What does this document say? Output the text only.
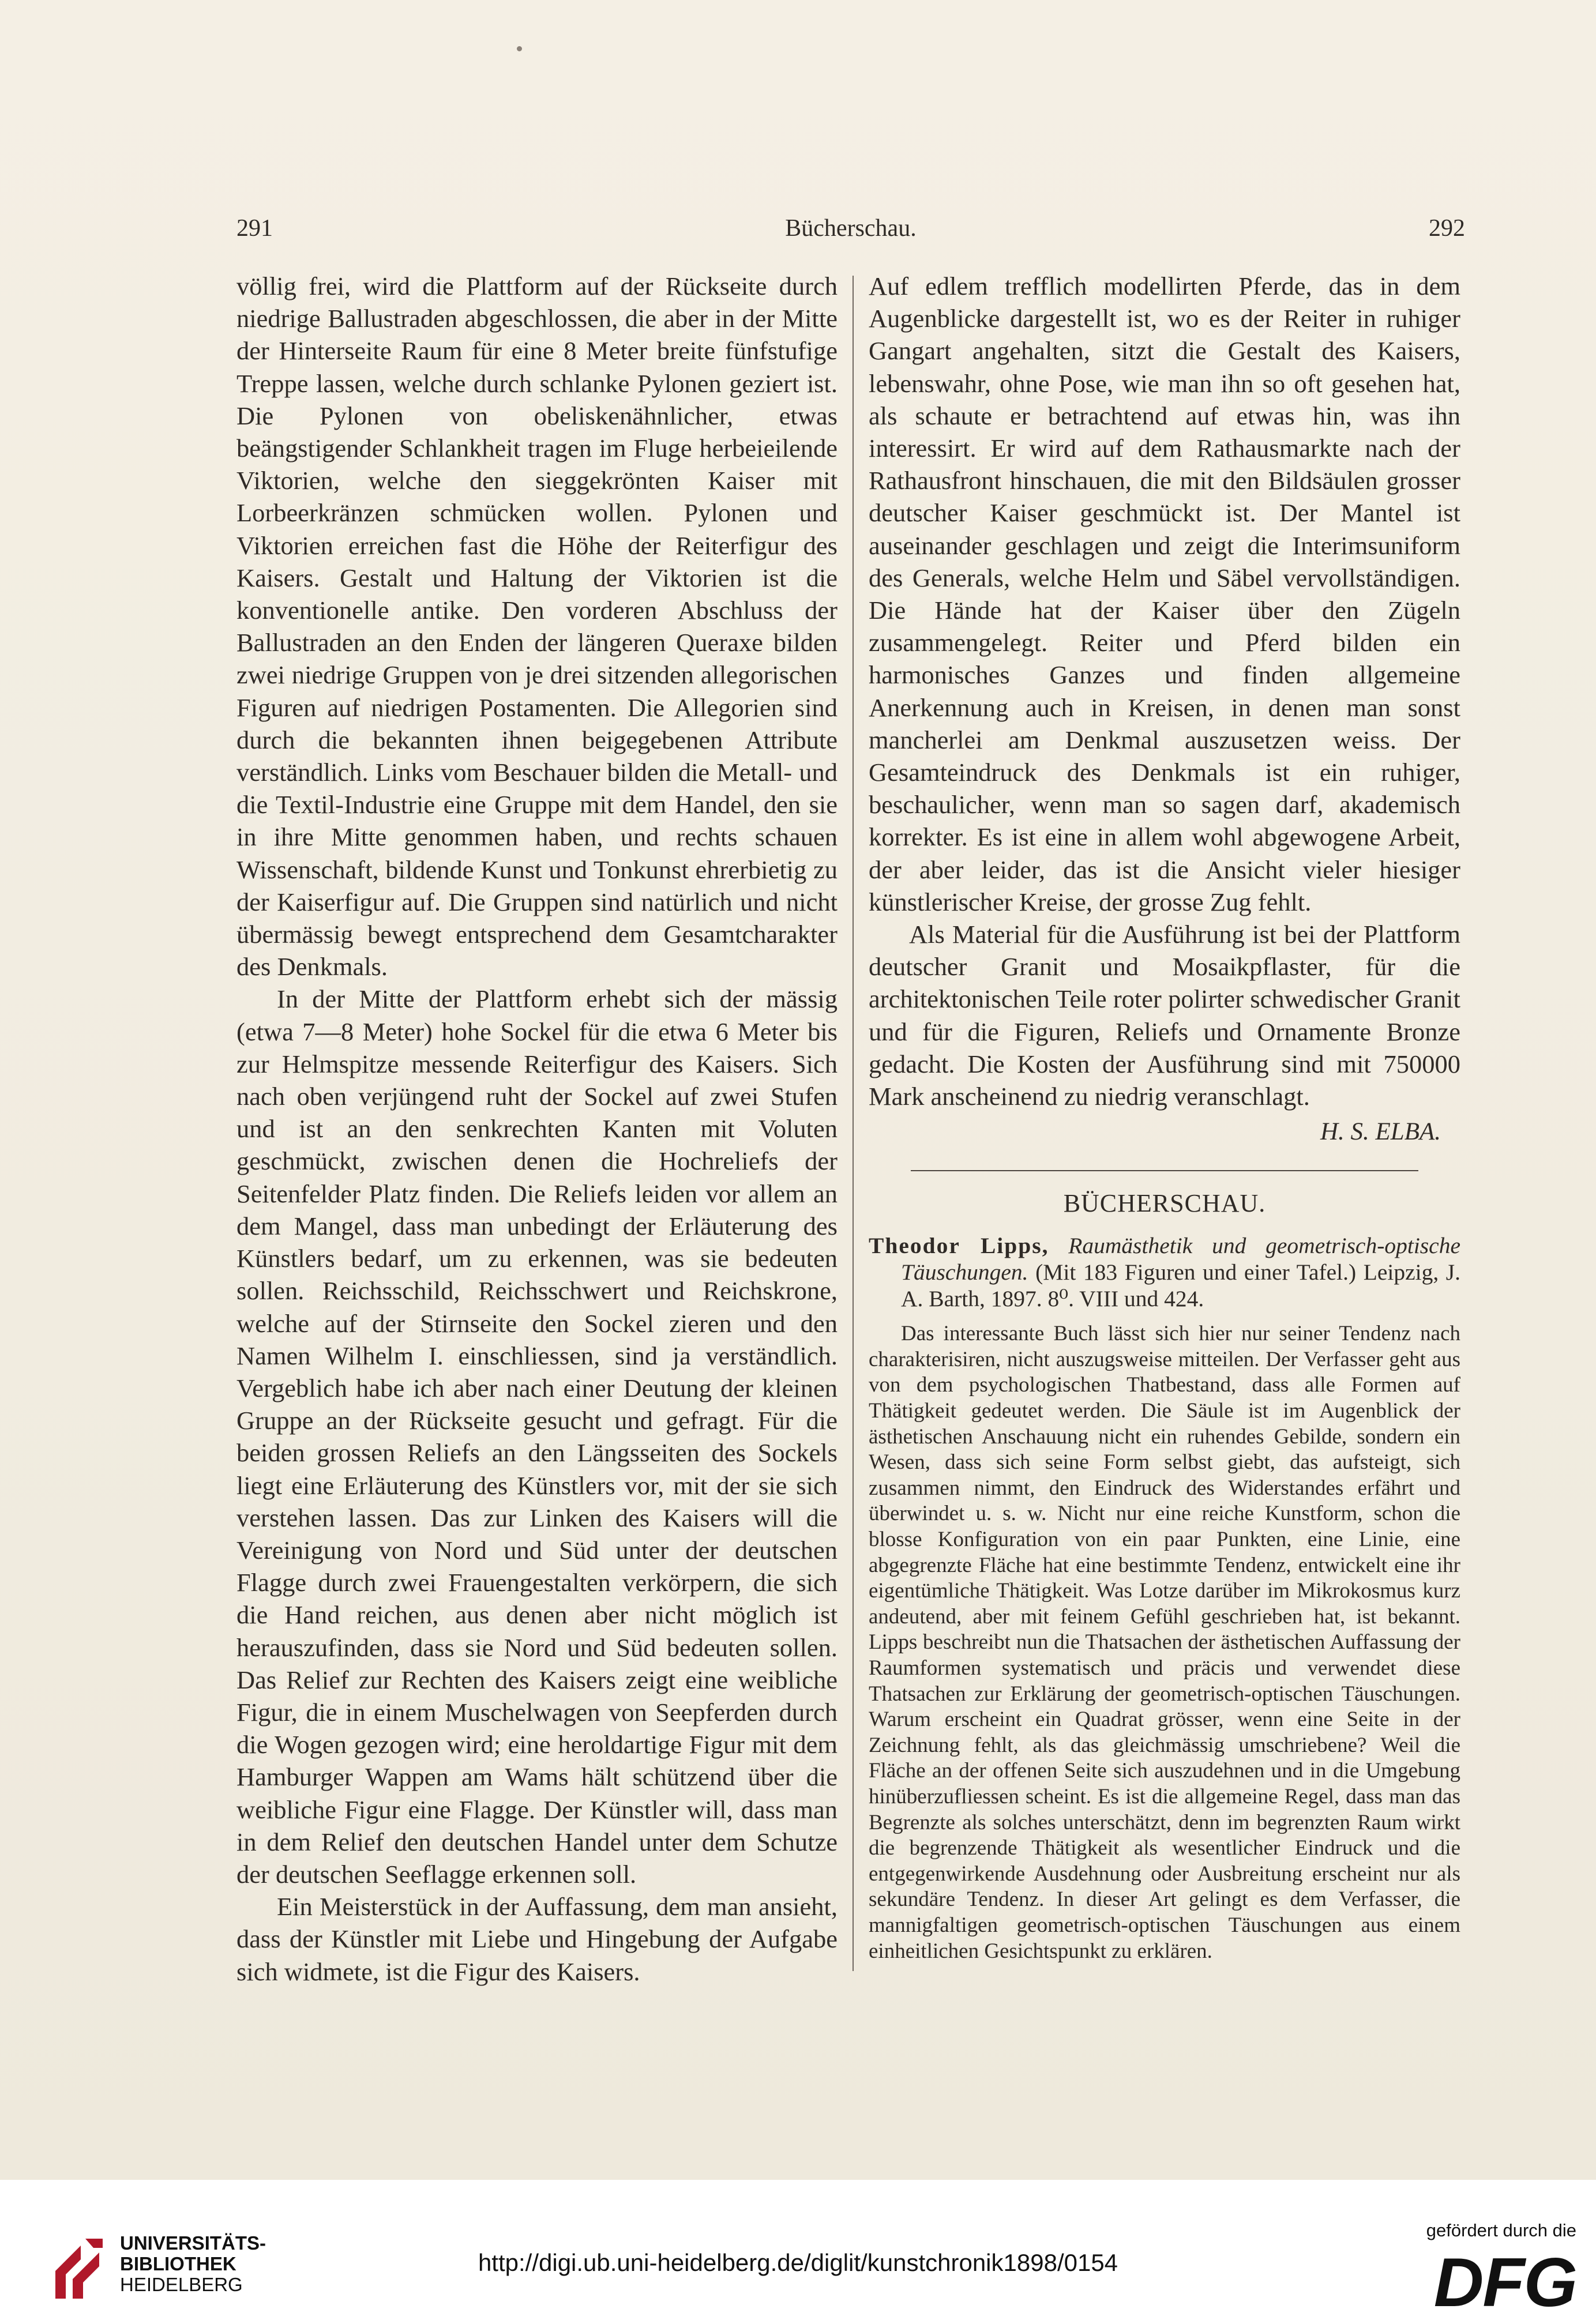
291	Bücherschau.	292

völlig frei, wird die Plattform auf der Rückseite durch niedrige Ballustraden abgeschlossen, die aber in der Mitte der Hinterseite Raum für eine 8 Meter breite fünfstufige Treppe lassen, welche durch schlanke Pylonen geziert ist. Die Pylonen von obeliskenähnlicher, etwas beängstigender Schlankheit tragen im Fluge herbeieilende Viktorien, welche den sieggekrönten Kaiser mit Lorbeerkränzen schmücken wollen. Pylonen und Viktorien erreichen fast die Höhe der Reiterfigur des Kaisers. Gestalt und Haltung der Viktorien ist die konventionelle antike. Den vorderen Abschluss der Ballustraden an den Enden der längeren Queraxe bilden zwei niedrige Gruppen von je drei sitzenden allegorischen Figuren auf niedrigen Postamenten. Die Allegorien sind durch die bekannten ihnen beigegebenen Attribute verständlich. Links vom Beschauer bilden die Metall- und die Textil-Industrie eine Gruppe mit dem Handel, den sie in ihre Mitte genommen haben, und rechts schauen Wissenschaft, bildende Kunst und Tonkunst ehrerbietig zu der Kaiserfigur auf. Die Gruppen sind natürlich und nicht übermässig bewegt entsprechend dem Gesamtcharakter des Denkmals.

In der Mitte der Plattform erhebt sich der mässig (etwa 7—8 Meter) hohe Sockel für die etwa 6 Meter bis zur Helmspitze messende Reiterfigur des Kaisers. Sich nach oben verjüngend ruht der Sockel auf zwei Stufen und ist an den senkrechten Kanten mit Voluten geschmückt, zwischen denen die Hochreliefs der Seitenfelder Platz finden. Die Reliefs leiden vor allem an dem Mangel, dass man unbedingt der Erläuterung des Künstlers bedarf, um zu erkennen, was sie bedeuten sollen. Reichsschild, Reichsschwert und Reichskrone, welche auf der Stirnseite den Sockel zieren und den Namen Wilhelm I. einschliessen, sind ja verständlich. Vergeblich habe ich aber nach einer Deutung der kleinen Gruppe an der Rückseite gesucht und gefragt. Für die beiden grossen Reliefs an den Längsseiten des Sockels liegt eine Erläuterung des Künstlers vor, mit der sie sich verstehen lassen. Das zur Linken des Kaisers will die Vereinigung von Nord und Süd unter der deutschen Flagge durch zwei Frauengestalten verkörpern, die sich die Hand reichen, aus denen aber nicht möglich ist herauszufinden, dass sie Nord und Süd bedeuten sollen. Das Relief zur Rechten des Kaisers zeigt eine weibliche Figur, die in einem Muschelwagen von Seepferden durch die Wogen gezogen wird; eine heroldartige Figur mit dem Hamburger Wappen am Wams hält schützend über die weibliche Figur eine Flagge. Der Künstler will, dass man in dem Relief den deutschen Handel unter dem Schutze der deutschen Seeflagge erkennen soll.

Ein Meisterstück in der Auffassung, dem man ansieht, dass der Künstler mit Liebe und Hingebung der Aufgabe sich widmete, ist die Figur des Kaisers.

Auf edlem trefflich modellirten Pferde, das in dem Augenblicke dargestellt ist, wo es der Reiter in ruhiger Gangart angehalten, sitzt die Gestalt des Kaisers, lebenswahr, ohne Pose, wie man ihn so oft gesehen hat, als schaute er betrachtend auf etwas hin, was ihn interessirt. Er wird auf dem Rathausmarkte nach der Rathausfront hinschauen, die mit den Bildsäulen grosser deutscher Kaiser geschmückt ist. Der Mantel ist auseinander geschlagen und zeigt die Interimsuniform des Generals, welche Helm und Säbel vervollständigen. Die Hände hat der Kaiser über den Zügeln zusammengelegt. Reiter und Pferd bilden ein harmonisches Ganzes und finden allgemeine Anerkennung auch in Kreisen, in denen man sonst mancherlei am Denkmal auszusetzen weiss. Der Gesamteindruck des Denkmals ist ein ruhiger, beschaulicher, wenn man so sagen darf, akademisch korrekter. Es ist eine in allem wohl abgewogene Arbeit, der aber leider, das ist die Ansicht vieler hiesiger künstlerischer Kreise, der grosse Zug fehlt.

Als Material für die Ausführung ist bei der Plattform deutscher Granit und Mosaikpflaster, für die architektonischen Teile roter polirter schwedischer Granit und für die Figuren, Reliefs und Ornamente Bronze gedacht. Die Kosten der Ausführung sind mit 750000 Mark anscheinend zu niedrig veranschlagt.

H. S. ELBA.

BÜCHERSCHAU.

Theodor Lipps, Raumästhetik und geometrisch-optische Täuschungen. (Mit 183 Figuren und einer Tafel.) Leipzig, J. A. Barth, 1897. 8⁰. VIII und 424.

Das interessante Buch lässt sich hier nur seiner Tendenz nach charakterisiren, nicht auszugsweise mitteilen. Der Verfasser geht aus von dem psychologischen Thatbestand, dass alle Formen auf Thätigkeit gedeutet werden. Die Säule ist im Augenblick der ästhetischen Anschauung nicht ein ruhendes Gebilde, sondern ein Wesen, dass sich seine Form selbst giebt, das aufsteigt, sich zusammen nimmt, den Eindruck des Widerstandes erfährt und überwindet u. s. w. Nicht nur eine reiche Kunstform, schon die blosse Konfiguration von ein paar Punkten, eine Linie, eine abgegrenzte Fläche hat eine bestimmte Tendenz, entwickelt eine ihr eigentümliche Thätigkeit. Was Lotze darüber im Mikrokosmus kurz andeutend, aber mit feinem Gefühl geschrieben hat, ist bekannt. Lipps beschreibt nun die Thatsachen der ästhetischen Auffassung der Raumformen systematisch und präcis und verwendet diese Thatsachen zur Erklärung der geometrisch-optischen Täuschungen. Warum erscheint ein Quadrat grösser, wenn eine Seite in der Zeichnung fehlt, als das gleichmässig umschriebene? Weil die Fläche an der offenen Seite sich auszudehnen und in die Umgebung hinüberzufliessen scheint. Es ist die allgemeine Regel, dass man das Begrenzte als solches unterschätzt, denn im begrenzten Raum wirkt die begrenzende Thätigkeit als wesentlicher Eindruck und die entgegenwirkende Ausdehnung oder Ausbreitung erscheint nur als sekundäre Tendenz. In dieser Art gelingt es dem Verfasser, die mannigfaltigen geometrisch-optischen Täuschungen aus einem einheitlichen Gesichtspunkt zu erklären.

UNIVERSITÄTS-
BIBLIOTHEK
HEIDELBERG
http://digi.ub.uni-heidelberg.de/diglit/kunstchronik1898/0154
gefördert durch die
DFG
